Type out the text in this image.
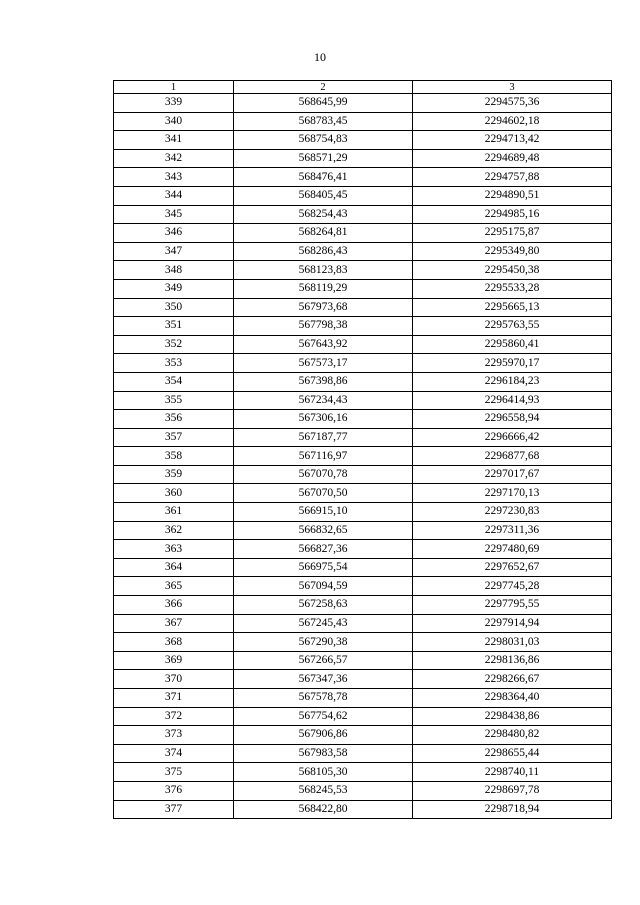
10
1	2	3
339	568645,99	2294575,36
340	568783,45	2294602,18
341	568754,83	2294713,42
342	568571,29	2294689,48
343	568476,41	2294757,88
344	568405,45	2294890,51
345	568254,43	2294985,16
346	568264,81	2295175,87
347	568286,43	2295349,80
348	568123,83	2295450,38
349	568119,29	2295533,28
350	567973,68	2295665,13
351	567798,38	2295763,55
352	567643,92	2295860,41
353	567573,17	2295970,17
354	567398,86	2296184,23
355	567234,43	2296414,93
356	567306,16	2296558,94
357	567187,77	2296666,42
358	567116,97	2296877,68
359	567070,78	2297017,67
360	567070,50	2297170,13
361	566915,10	2297230,83
362	566832,65	2297311,36
363	566827,36	2297480,69
364	566975,54	2297652,67
365	567094,59	2297745,28
366	567258,63	2297795,55
367	567245,43	2297914,94
368	567290,38	2298031,03
369	567266,57	2298136,86
370	567347,36	2298266,67
371	567578,78	2298364,40
372	567754,62	2298438,86
373	567906,86	2298480,82
374	567983,58	2298655,44
375	568105,30	2298740,11
376	568245,53	2298697,78
377	568422,80	2298718,94
